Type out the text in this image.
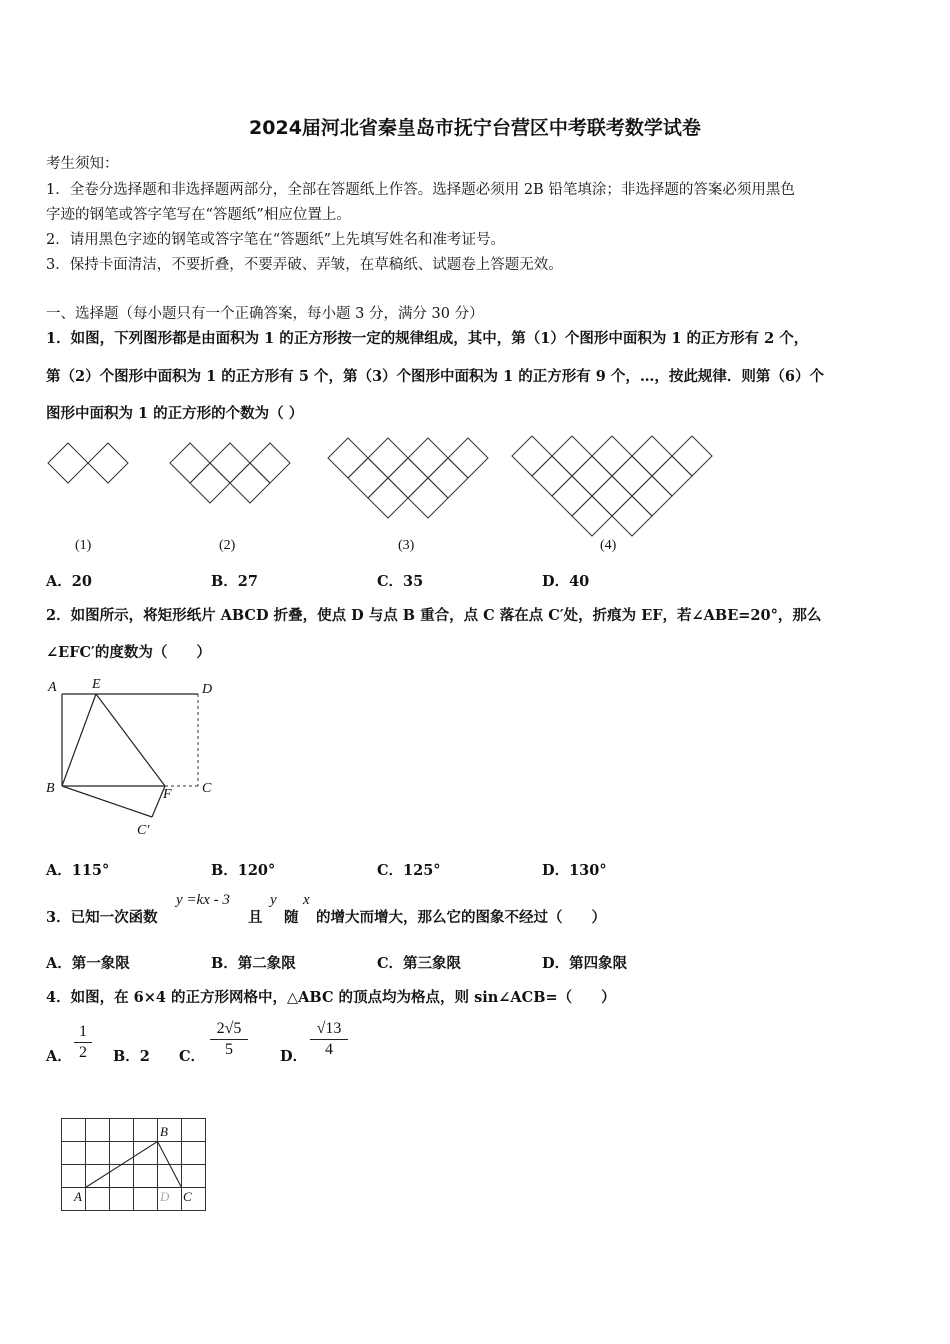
2024届河北省秦皇岛市抚宁台营区中考联考数学试卷
考生须知：
1．全卷分选择题和非选择题两部分，全部在答题纸上作答。选择题必须用 2B 铅笔填涂；非选择题的答案必须用黑色
字迹的钢笔或答字笔写在“答题纸”相应位置上。
2．请用黑色字迹的钢笔或答字笔在“答题纸”上先填写姓名和准考证号。
3．保持卡面清洁，不要折叠，不要弄破、弄皱，在草稿纸、试题卷上答题无效。
一、选择题（每小题只有一个正确答案，每小题 3 分，满分 30 分）
1．如图，下列图形都是由面积为 1 的正方形按一定的规律组成，其中，第（1）个图形中面积为 1 的正方形有 2 个，
第（2）个图形中面积为 1 的正方形有 5 个，第（3）个图形中面积为 1 的正方形有 9 个，…，按此规律．则第（6）个
图形中面积为 1 的正方形的个数为（ ）
(1)	(2)	(3)	(4)
A．20	B．27	C．35	D．40
2．如图所示，将矩形纸片 ABCD 折叠，使点 D 与点 B 重合，点 C 落在点 C′处，折痕为 EF，若∠ABE=20°，那么
∠EFC′的度数为（　　）
A	E	D
B	F C
C′
A．115°	B．120°	C．125°	D．130°
3．已知一次函数
y =kx - 3
且
y
随
x
的增大而增大，那么它的图象不经过（　　）
A．第一象限	B．第二象限	C．第三象限	D．第四象限
4．如图，在 6×4 的正方形网格中，△ABC 的顶点均为格点，则 sin∠ACB=（　　）
A．
1
2	B．2 C．
2√5
5	D．
√13
4
B
A	D C
